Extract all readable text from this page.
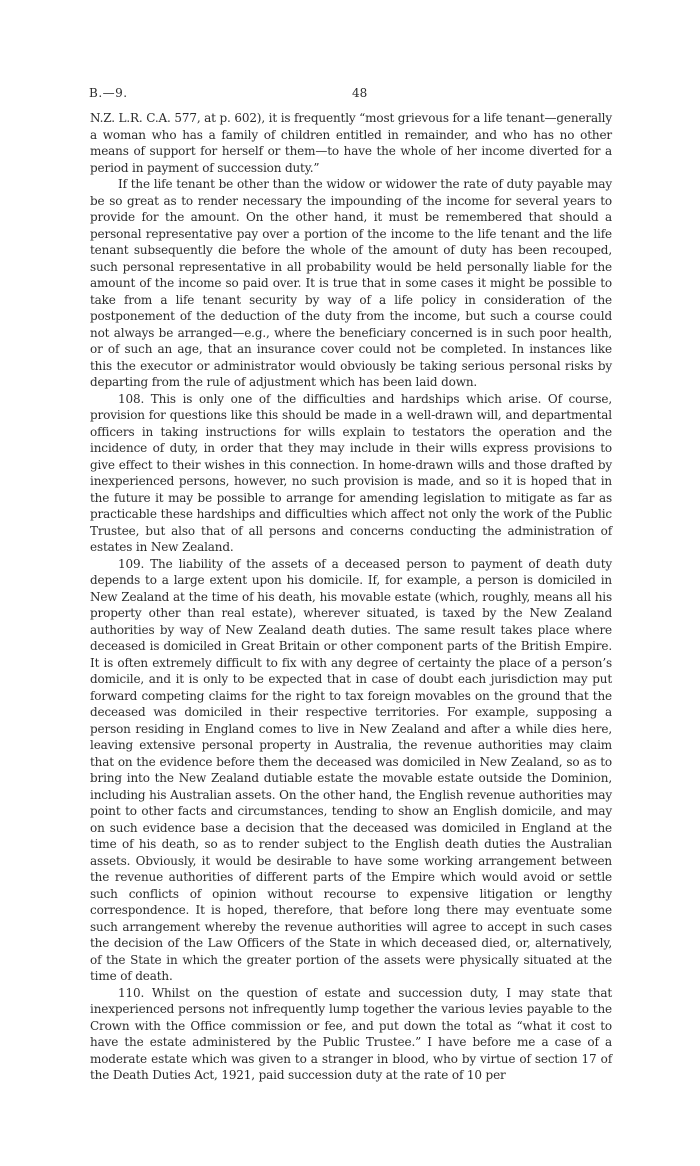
B.—9.	48

N.Z. L.R. C.A. 577, at p. 602), it is frequently “most grievous for a life tenant—generally a woman who has a family of children entitled in remainder, and who has no other means of support for herself or them—to have the whole of her income diverted for a period in payment of succession duty.”

If the life tenant be other than the widow or widower the rate of duty payable may be so great as to render necessary the impounding of the income for several years to provide for the amount. On the other hand, it must be remembered that should a personal representative pay over a portion of the income to the life tenant and the life tenant subsequently die before the whole of the amount of duty has been recouped, such personal representative in all probability would be held personally liable for the amount of the income so paid over. It is true that in some cases it might be possible to take from a life tenant security by way of a life policy in consideration of the postponement of the deduction of the duty from the income, but such a course could not always be arranged—e.g., where the beneficiary concerned is in such poor health, or of such an age, that an insurance cover could not be completed. In instances like this the executor or administrator would obviously be taking serious personal risks by departing from the rule of adjustment which has been laid down.

108. This is only one of the difficulties and hardships which arise. Of course, provision for questions like this should be made in a well-drawn will, and departmental officers in taking instructions for wills explain to testators the operation and the incidence of duty, in order that they may include in their wills express provisions to give effect to their wishes in this connection. In home-drawn wills and those drafted by inexperienced persons, however, no such provision is made, and so it is hoped that in the future it may be possible to arrange for amending legislation to mitigate as far as practicable these hardships and difficulties which affect not only the work of the Public Trustee, but also that of all persons and concerns conducting the administration of estates in New Zealand.

109. The liability of the assets of a deceased person to payment of death duty depends to a large extent upon his domicile. If, for example, a person is domiciled in New Zealand at the time of his death, his movable estate (which, roughly, means all his property other than real estate), wherever situated, is taxed by the New Zealand authorities by way of New Zealand death duties. The same result takes place where deceased is domiciled in Great Britain or other component parts of the British Empire. It is often extremely difficult to fix with any degree of certainty the place of a person’s domicile, and it is only to be expected that in case of doubt each jurisdiction may put forward competing claims for the right to tax foreign movables on the ground that the deceased was domiciled in their respective territories. For example, supposing a person residing in England comes to live in New Zealand and after a while dies here, leaving extensive personal property in Australia, the revenue authorities may claim that on the evidence before them the deceased was domiciled in New Zealand, so as to bring into the New Zealand dutiable estate the movable estate outside the Dominion, including his Australian assets. On the other hand, the English revenue authorities may point to other facts and circumstances, tending to show an English domicile, and may on such evidence base a decision that the deceased was domiciled in England at the time of his death, so as to render subject to the English death duties the Australian assets. Obviously, it would be desirable to have some working arrangement between the revenue authorities of different parts of the Empire which would avoid or settle such conflicts of opinion without recourse to expensive litigation or lengthy correspondence. It is hoped, therefore, that before long there may eventuate some such arrangement whereby the revenue authorities will agree to accept in such cases the decision of the Law Officers of the State in which deceased died, or, alternatively, of the State in which the greater portion of the assets were physically situated at the time of death.

110. Whilst on the question of estate and succession duty, I may state that inexperienced persons not infrequently lump together the various levies payable to the Crown with the Office commission or fee, and put down the total as “what it cost to have the estate administered by the Public Trustee.” I have before me a case of a moderate estate which was given to a stranger in blood, who by virtue of section 17 of the Death Duties Act, 1921, paid succession duty at the rate of 10 per
